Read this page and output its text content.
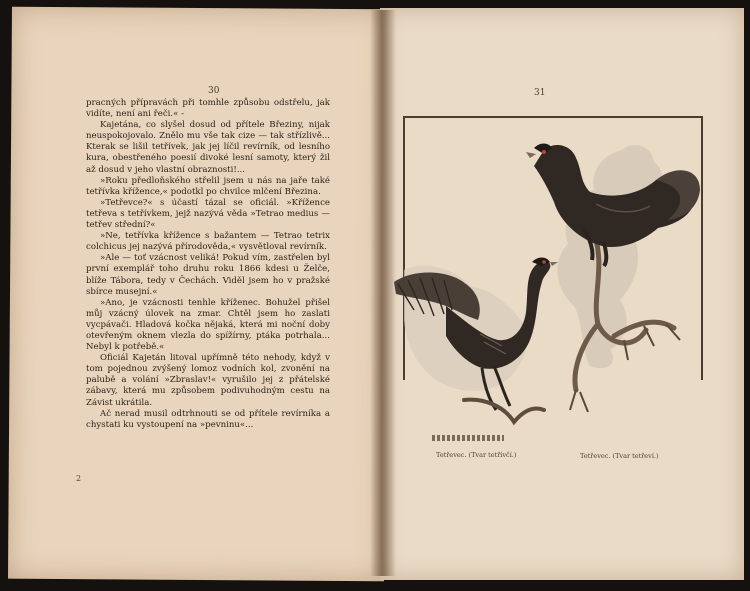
30

pracných přípravách při tomhle způsobu odstřelu, jak vidíte, není ani řeči.« -

Kajetána, co slyšel dosud od přítele Březiny, nijak neuspokojovalo. Znělo mu vše tak cize — tak střízlivě... Kterak se lišil tetřívek, jak jej líčil revírník, od lesního kura, obestřeného poesií divoké lesní samoty, který žil až dosud v jeho vlastní obraznosti!...

»Roku předloňského střelil jsem u nás na jaře také tetřívka křížence,« podotkl po chvilce mlčení Březina.

»Tetřevce?« s účastí tázal se oficiál. »Křížence tetřeva s tetřívkem, jejž nazývá věda »Tetrao medius — tetřev střední?«

»Ne, tetřívka křížence s bažantem — Tetrao tetrix colchicus jej nazývá přírodověda,« vysvětloval revírník.

»Ale — toť vzácnost veliká! Pokud vím, zastřelen byl první exemplář toho druhu roku 1866 kdesi u Želče, blíže Tábora, tedy v Čechách. Viděl jsem ho v pražské sbírce musejní.«

»Ano, je vzácnosti tenhle kříženec. Bohužel přišel můj vzácný úlovek na zmar. Chtěl jsem ho zaslati vycpávači. Hladová kočka nějaká, která mi noční doby otevřeným oknem vlezla do spížírny, ptáka potrhala... Nebyl k potřebě.«

Oficiál Kajetán litoval upřímně této nehody, když v tom pojednou zvýšený lomoz vodních kol, zvonění na palubě a volání »Zbraslav!« vyrušilo jej z přátelské zábavy, která mu způsobem podivuhodným cestu na Závist ukrátila.

Ač nerad musil odtrhnouti se od přítele revírníka a chystati ku vystoupení na »pevninu«...

2
31
Tetřevec. (Tvar tetřívčí.)	Tetřevec. (Tvar tetřeví.)
